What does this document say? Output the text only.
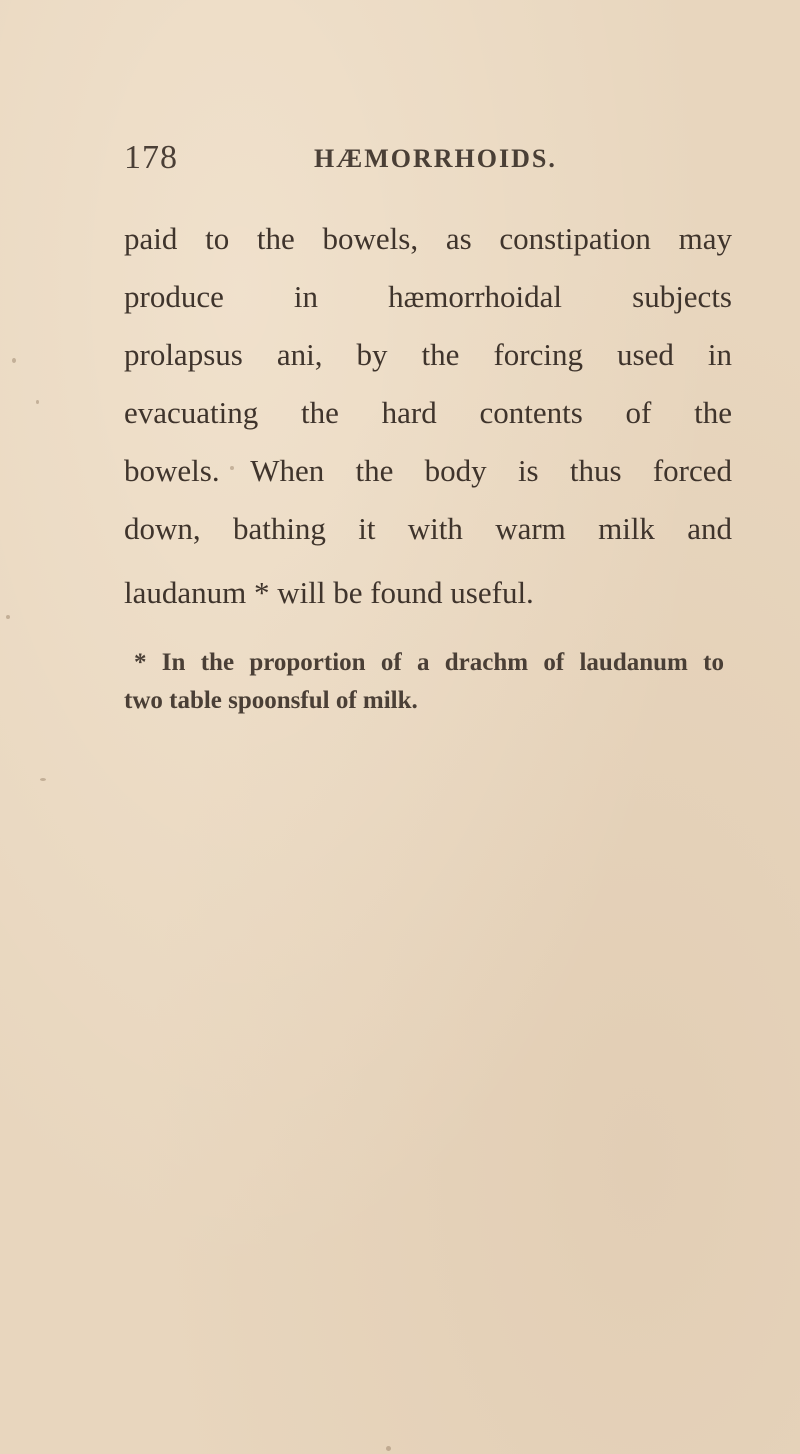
178	HÆMORRHOIDS.
paid to the bowels, as constipation may
produce in hæmorrhoidal subjects
prolapsus ani, by the forcing used in
evacuating the hard contents of the
bowels. When the body is thus forced
down, bathing it with warm milk and
laudanum * will be found useful.
* In the proportion of a drachm of laudanum to
two table spoonsful of milk.
